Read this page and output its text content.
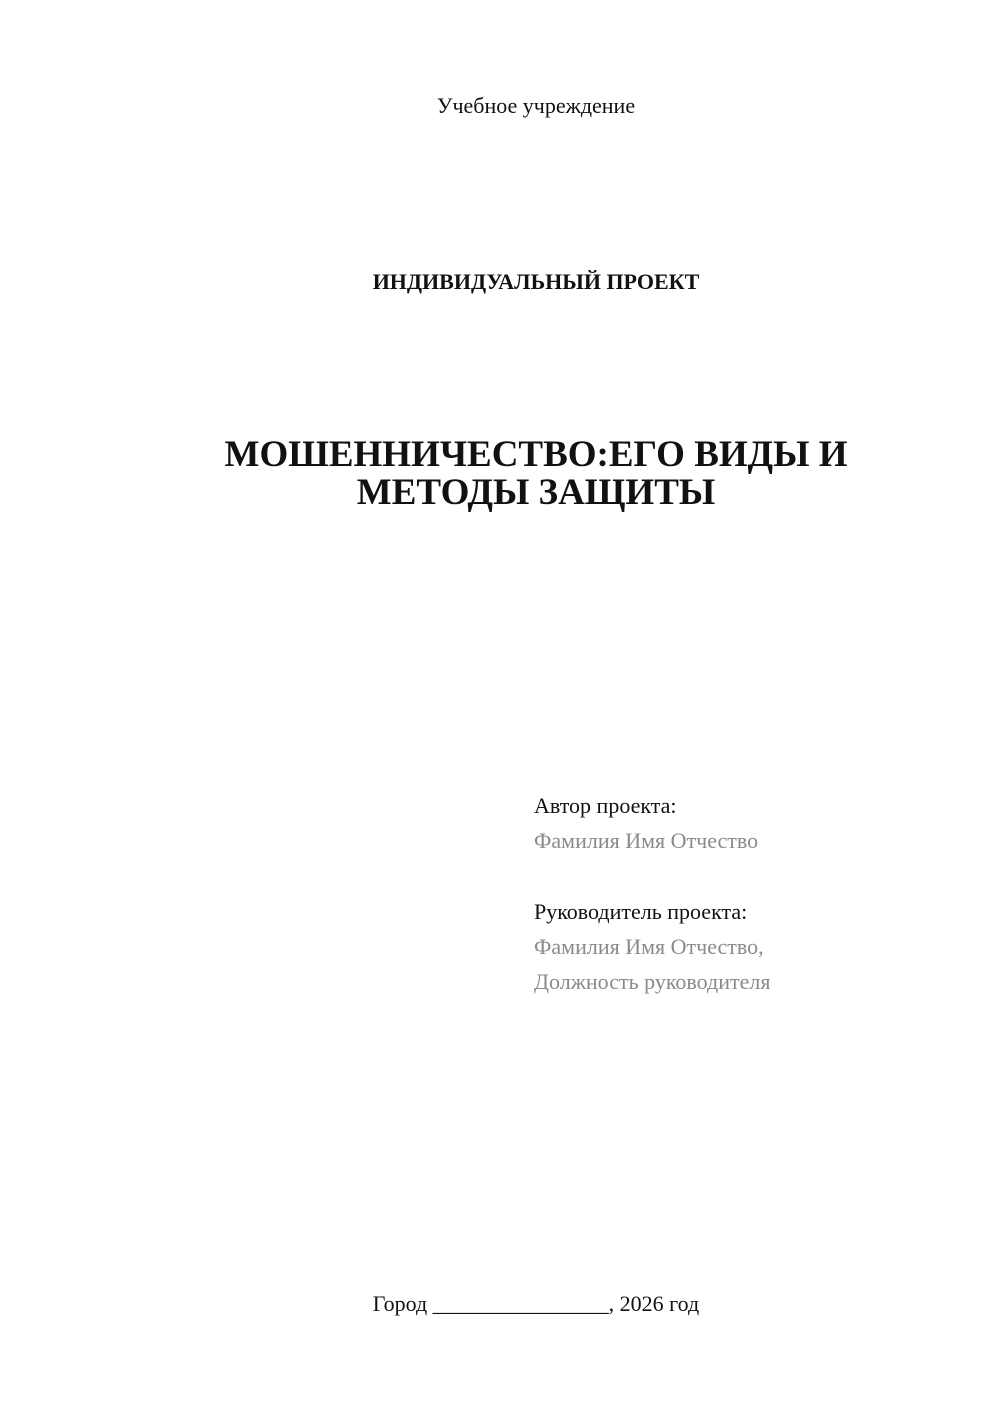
Учебное учреждение
ИНДИВИДУАЛЬНЫЙ ПРОЕКТ
МОШЕННИЧЕСТВО:ЕГО ВИДЫ И
МЕТОДЫ ЗАЩИТЫ
Автор проекта:
Фамилия Имя Отчество
Руководитель проекта:
Фамилия Имя Отчество,
Должность руководителя
Город ________________, 2026 год
